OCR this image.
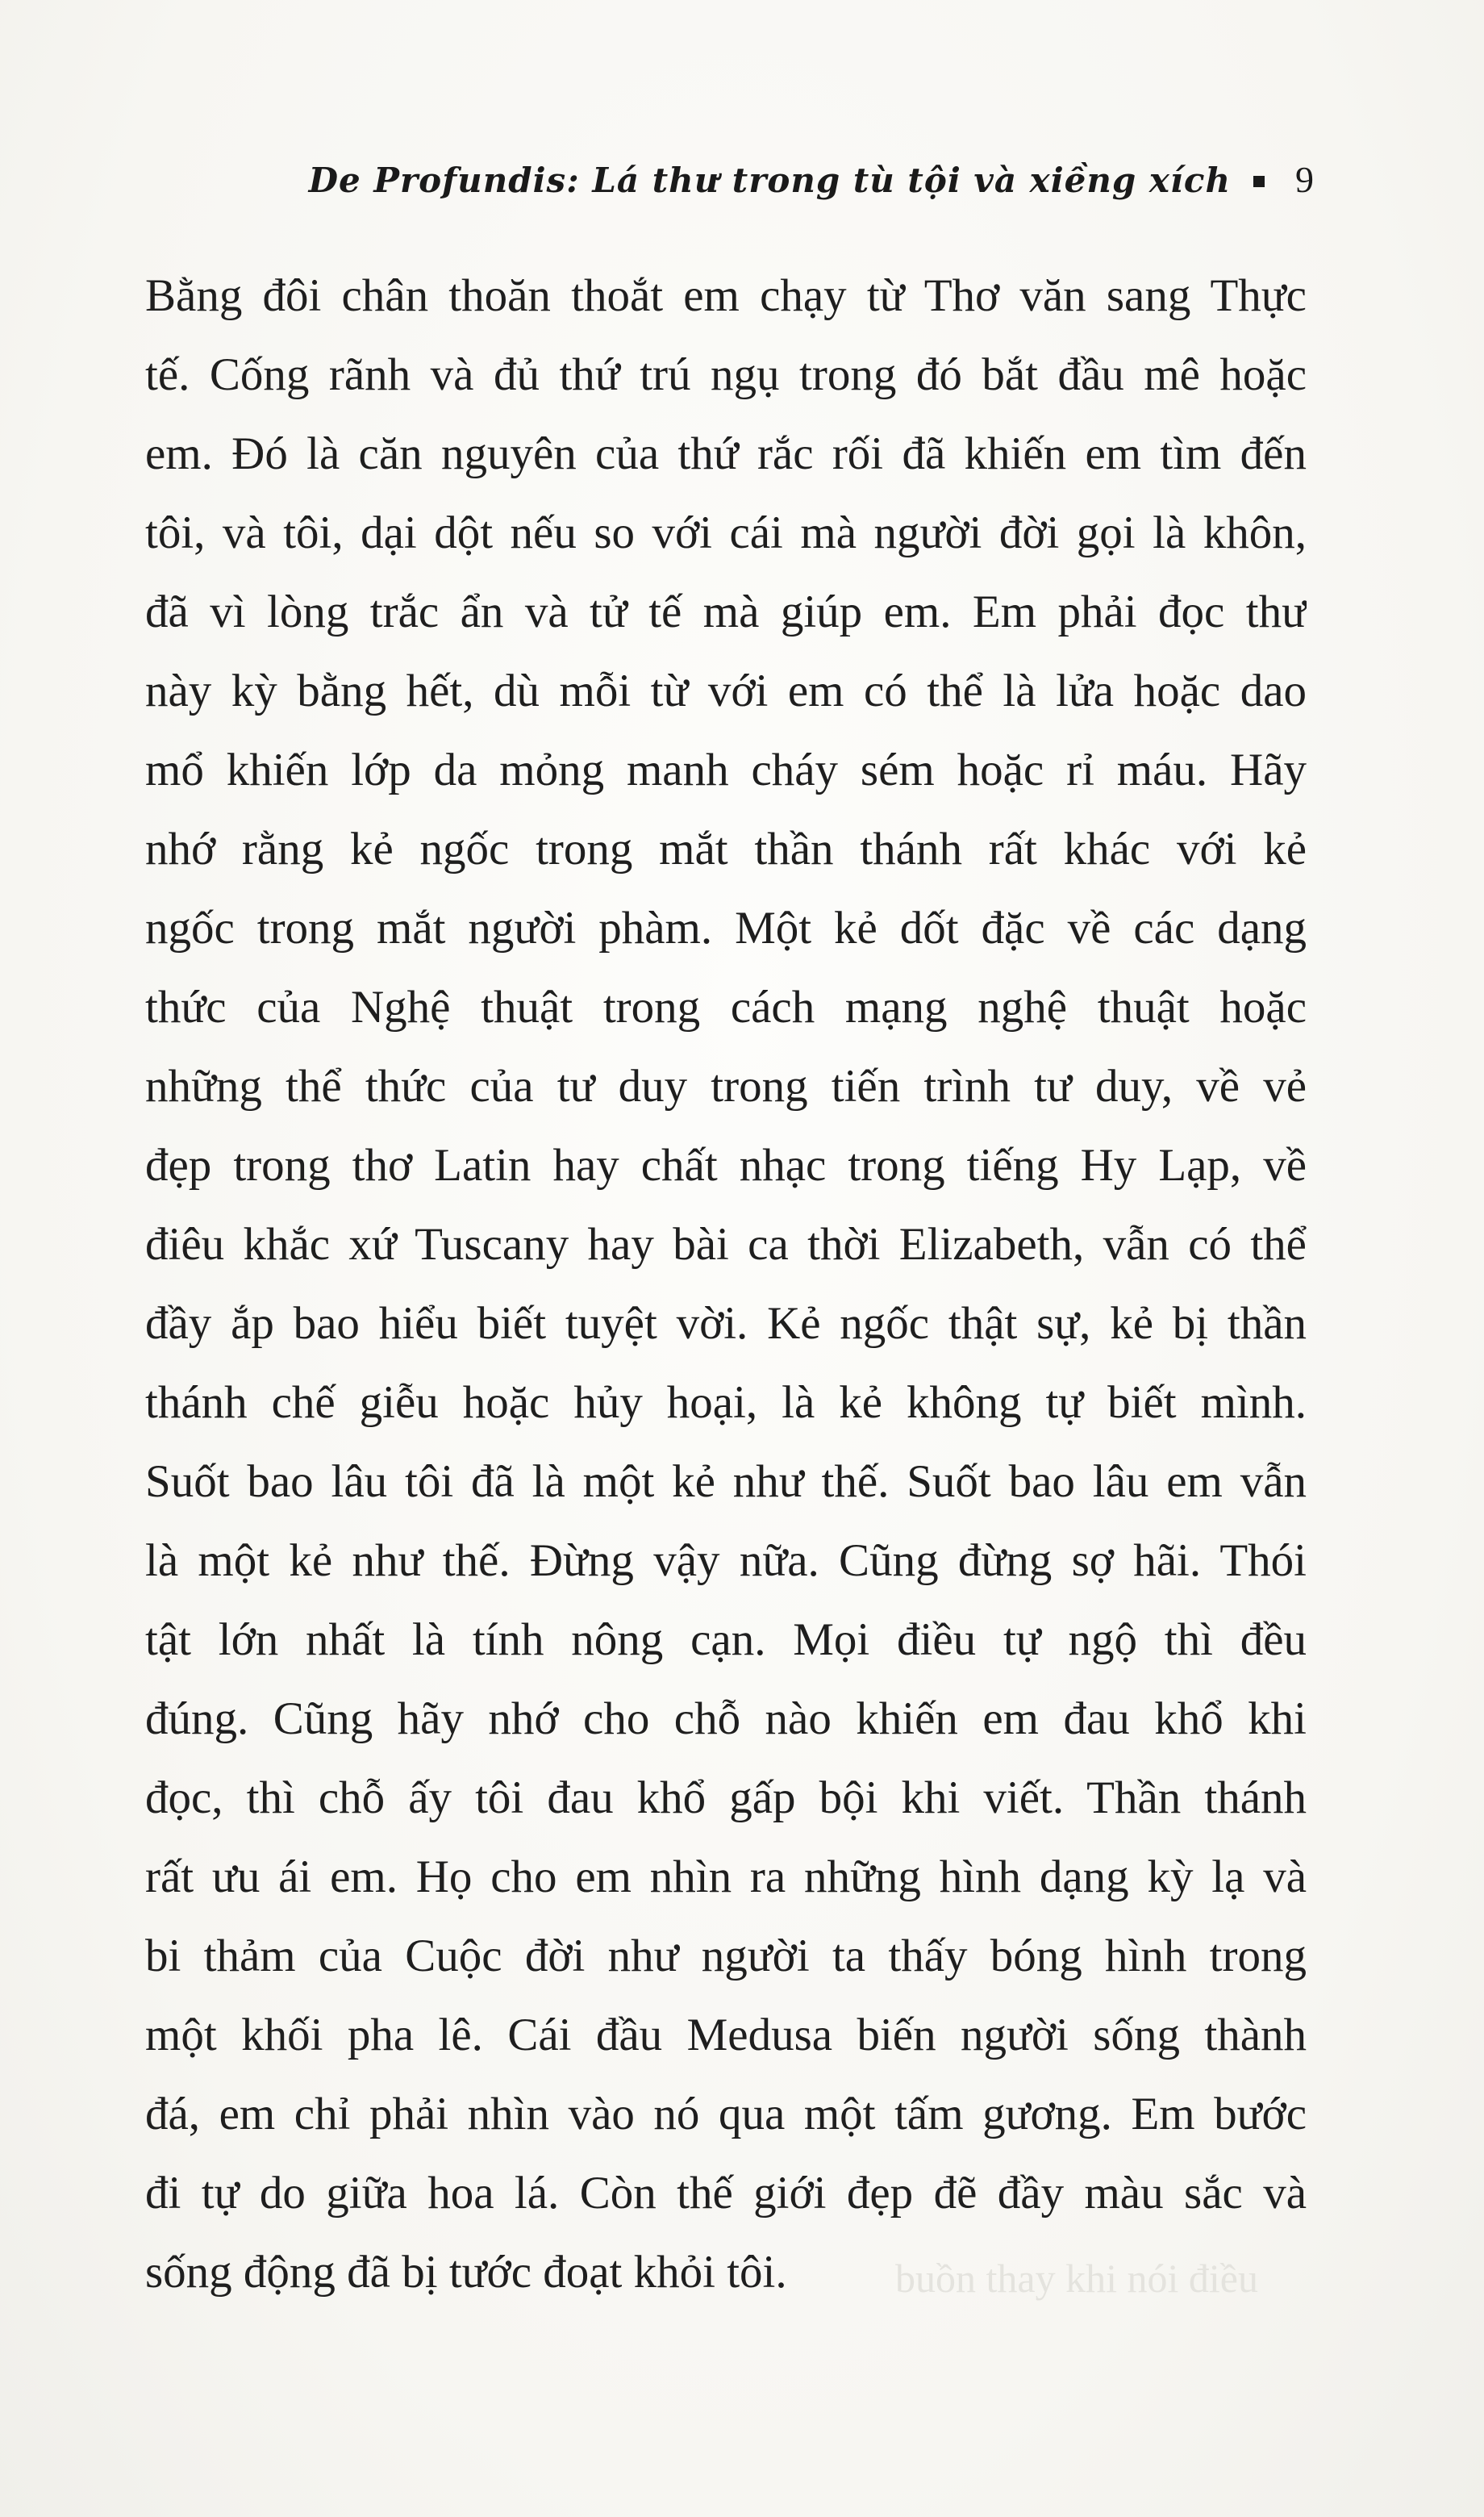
De Profundis: Lá thư trong tù tội và xiềng xích 9
Bằng đôi chân thoăn thoắt em chạy từ Thơ văn sang Thực
tế. Cống rãnh và đủ thứ trú ngụ trong đó bắt đầu mê hoặc
em. Đó là căn nguyên của thứ rắc rối đã khiến em tìm đến
tôi, và tôi, dại dột nếu so với cái mà người đời gọi là khôn,
đã vì lòng trắc ẩn và tử tế mà giúp em. Em phải đọc thư
này kỳ bằng hết, dù mỗi từ với em có thể là lửa hoặc dao
mổ khiến lớp da mỏng manh cháy sém hoặc rỉ máu. Hãy
nhớ rằng kẻ ngốc trong mắt thần thánh rất khác với kẻ
ngốc trong mắt người phàm. Một kẻ dốt đặc về các dạng
thức của Nghệ thuật trong cách mạng nghệ thuật hoặc
những thể thức của tư duy trong tiến trình tư duy, về vẻ
đẹp trong thơ Latin hay chất nhạc trong tiếng Hy Lạp, về
điêu khắc xứ Tuscany hay bài ca thời Elizabeth, vẫn có thể
đầy ắp bao hiểu biết tuyệt vời. Kẻ ngốc thật sự, kẻ bị thần
thánh chế giễu hoặc hủy hoại, là kẻ không tự biết mình.
Suốt bao lâu tôi đã là một kẻ như thế. Suốt bao lâu em vẫn
là một kẻ như thế. Đừng vậy nữa. Cũng đừng sợ hãi. Thói
tật lớn nhất là tính nông cạn. Mọi điều tự ngộ thì đều
đúng. Cũng hãy nhớ cho chỗ nào khiến em đau khổ khi
đọc, thì chỗ ấy tôi đau khổ gấp bội khi viết. Thần thánh
rất ưu ái em. Họ cho em nhìn ra những hình dạng kỳ lạ và
bi thảm của Cuộc đời như người ta thấy bóng hình trong
một khối pha lê. Cái đầu Medusa biến người sống thành
đá, em chỉ phải nhìn vào nó qua một tấm gương. Em bước
đi tự do giữa hoa lá. Còn thế giới đẹp đẽ đầy màu sắc và
sống động đã bị tước đoạt khỏi tôi.	buồn thay khi nói điều
